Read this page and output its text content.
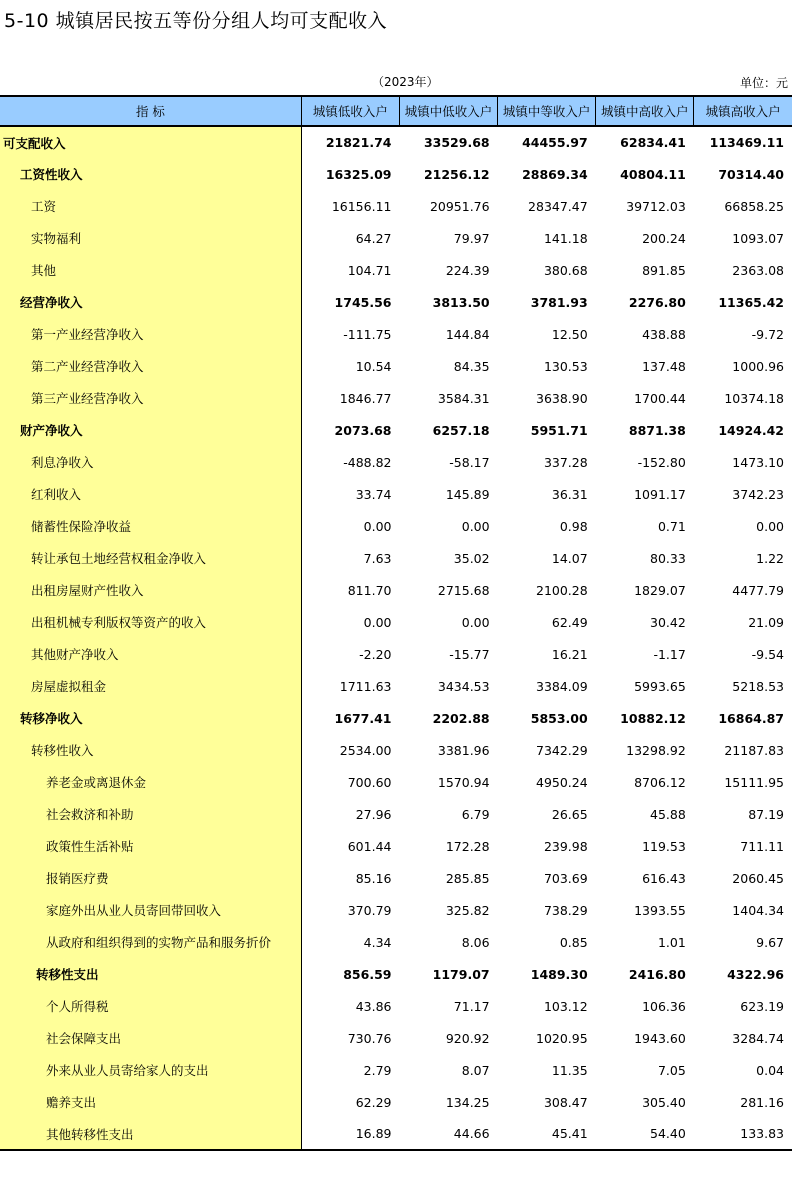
5-10 城镇居民按五等份分组人均可支配收入
（2023年）	单位：元
指 标	城镇低收入户	城镇中低收入户	城镇中等收入户	城镇中高收入户	城镇高收入户
可支配收入	21821.74	33529.68	44455.97	62834.41	113469.11
工资性收入	16325.09	21256.12	28869.34	40804.11	70314.40
工资	16156.11	20951.76	28347.47	39712.03	66858.25
实物福利	64.27	79.97	141.18	200.24	1093.07
其他	104.71	224.39	380.68	891.85	2363.08
经营净收入	1745.56	3813.50	3781.93	2276.80	11365.42
第一产业经营净收入	-111.75	144.84	12.50	438.88	-9.72
第二产业经营净收入	10.54	84.35	130.53	137.48	1000.96
第三产业经营净收入	1846.77	3584.31	3638.90	1700.44	10374.18
财产净收入	2073.68	6257.18	5951.71	8871.38	14924.42
利息净收入	-488.82	-58.17	337.28	-152.80	1473.10
红利收入	33.74	145.89	36.31	1091.17	3742.23
储蓄性保险净收益	0.00	0.00	0.98	0.71	0.00
转让承包土地经营权租金净收入	7.63	35.02	14.07	80.33	1.22
出租房屋财产性收入	811.70	2715.68	2100.28	1829.07	4477.79
出租机械专利版权等资产的收入	0.00	0.00	62.49	30.42	21.09
其他财产净收入	-2.20	-15.77	16.21	-1.17	-9.54
房屋虚拟租金	1711.63	3434.53	3384.09	5993.65	5218.53
转移净收入	1677.41	2202.88	5853.00	10882.12	16864.87
转移性收入	2534.00	3381.96	7342.29	13298.92	21187.83
养老金或离退休金	700.60	1570.94	4950.24	8706.12	15111.95
社会救济和补助	27.96	6.79	26.65	45.88	87.19
政策性生活补贴	601.44	172.28	239.98	119.53	711.11
报销医疗费	85.16	285.85	703.69	616.43	2060.45
家庭外出从业人员寄回带回收入	370.79	325.82	738.29	1393.55	1404.34
从政府和组织得到的实物产品和服务折价	4.34	8.06	0.85	1.01	9.67
转移性支出	856.59	1179.07	1489.30	2416.80	4322.96
个人所得税	43.86	71.17	103.12	106.36	623.19
社会保障支出	730.76	920.92	1020.95	1943.60	3284.74
外来从业人员寄给家人的支出	2.79	8.07	11.35	7.05	0.04
赡养支出	62.29	134.25	308.47	305.40	281.16
其他转移性支出	16.89	44.66	45.41	54.40	133.83
